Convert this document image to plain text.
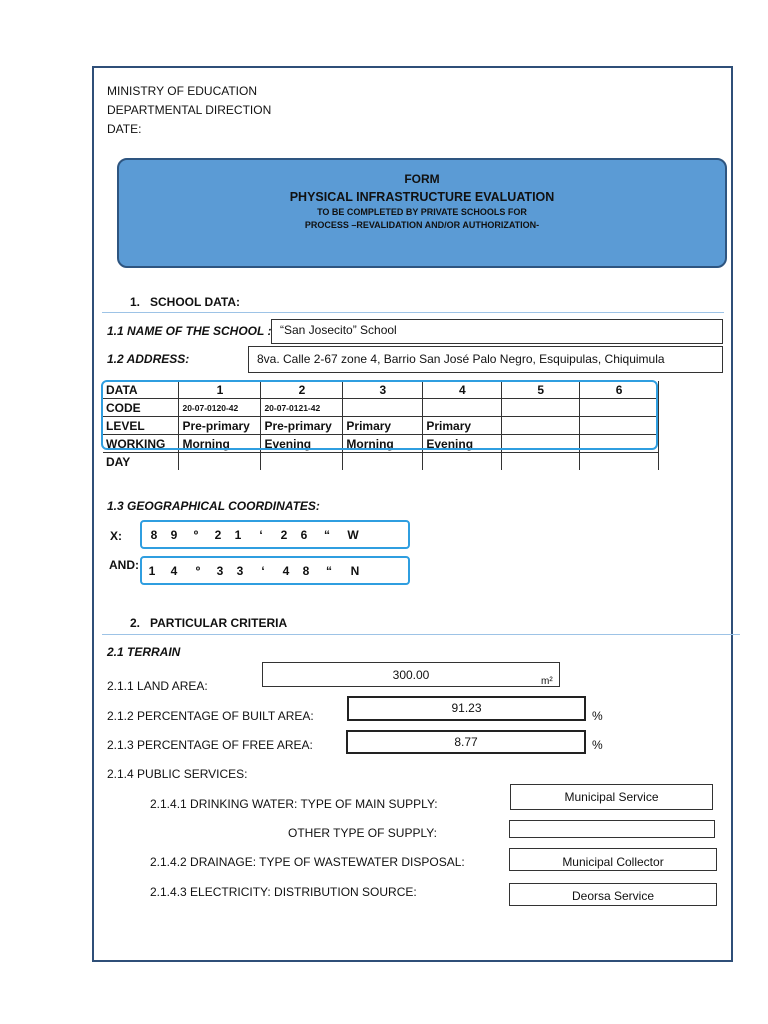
MINISTRY OF EDUCATION
DEPARTMENTAL DIRECTION
DATE:
FORM
PHYSICAL INFRASTRUCTURE EVALUATION
TO BE COMPLETED BY PRIVATE SCHOOLS FOR
PROCESS –REVALIDATION AND/OR AUTHORIZATION-
1.   SCHOOL DATA:
1.1 NAME OF THE SCHOOL : “San Josecito” School
1.2 ADDRESS:	8va. Calle 2-67 zone 4, Barrio San José Palo Negro, Esquipulas, Chiquimula
DATA	1	2	3	4	5	6
CODE	20-07-0120-42	20-07-0121-42				
LEVEL	Pre-primary	Pre-primary	Primary	Primary		
WORKING	Morning	Evening	Morning	Evening		
DAY						
1.3 GEOGRAPHICAL COORDINATES:
X:	8	9	º	2	1	‘	2	6	“	W
AND: 1	4	º	3	3	‘	4	8	“	N
2.   PARTICULAR CRITERIA
2.1 TERRAIN
2.1.1 LAND AREA:
300.00	m²
2.1.2 PERCENTAGE OF BUILT AREA:
91.23
%
2.1.3 PERCENTAGE OF FREE AREA:	8.77	%
2.1.4 PUBLIC SERVICES:
2.1.4.1 DRINKING WATER: TYPE OF MAIN SUPPLY:	Municipal Service
OTHER TYPE OF SUPPLY:
2.1.4.2 DRAINAGE: TYPE OF WASTEWATER DISPOSAL:	Municipal Collector
2.1.4.3 ELECTRICITY: DISTRIBUTION SOURCE:	Deorsa Service
